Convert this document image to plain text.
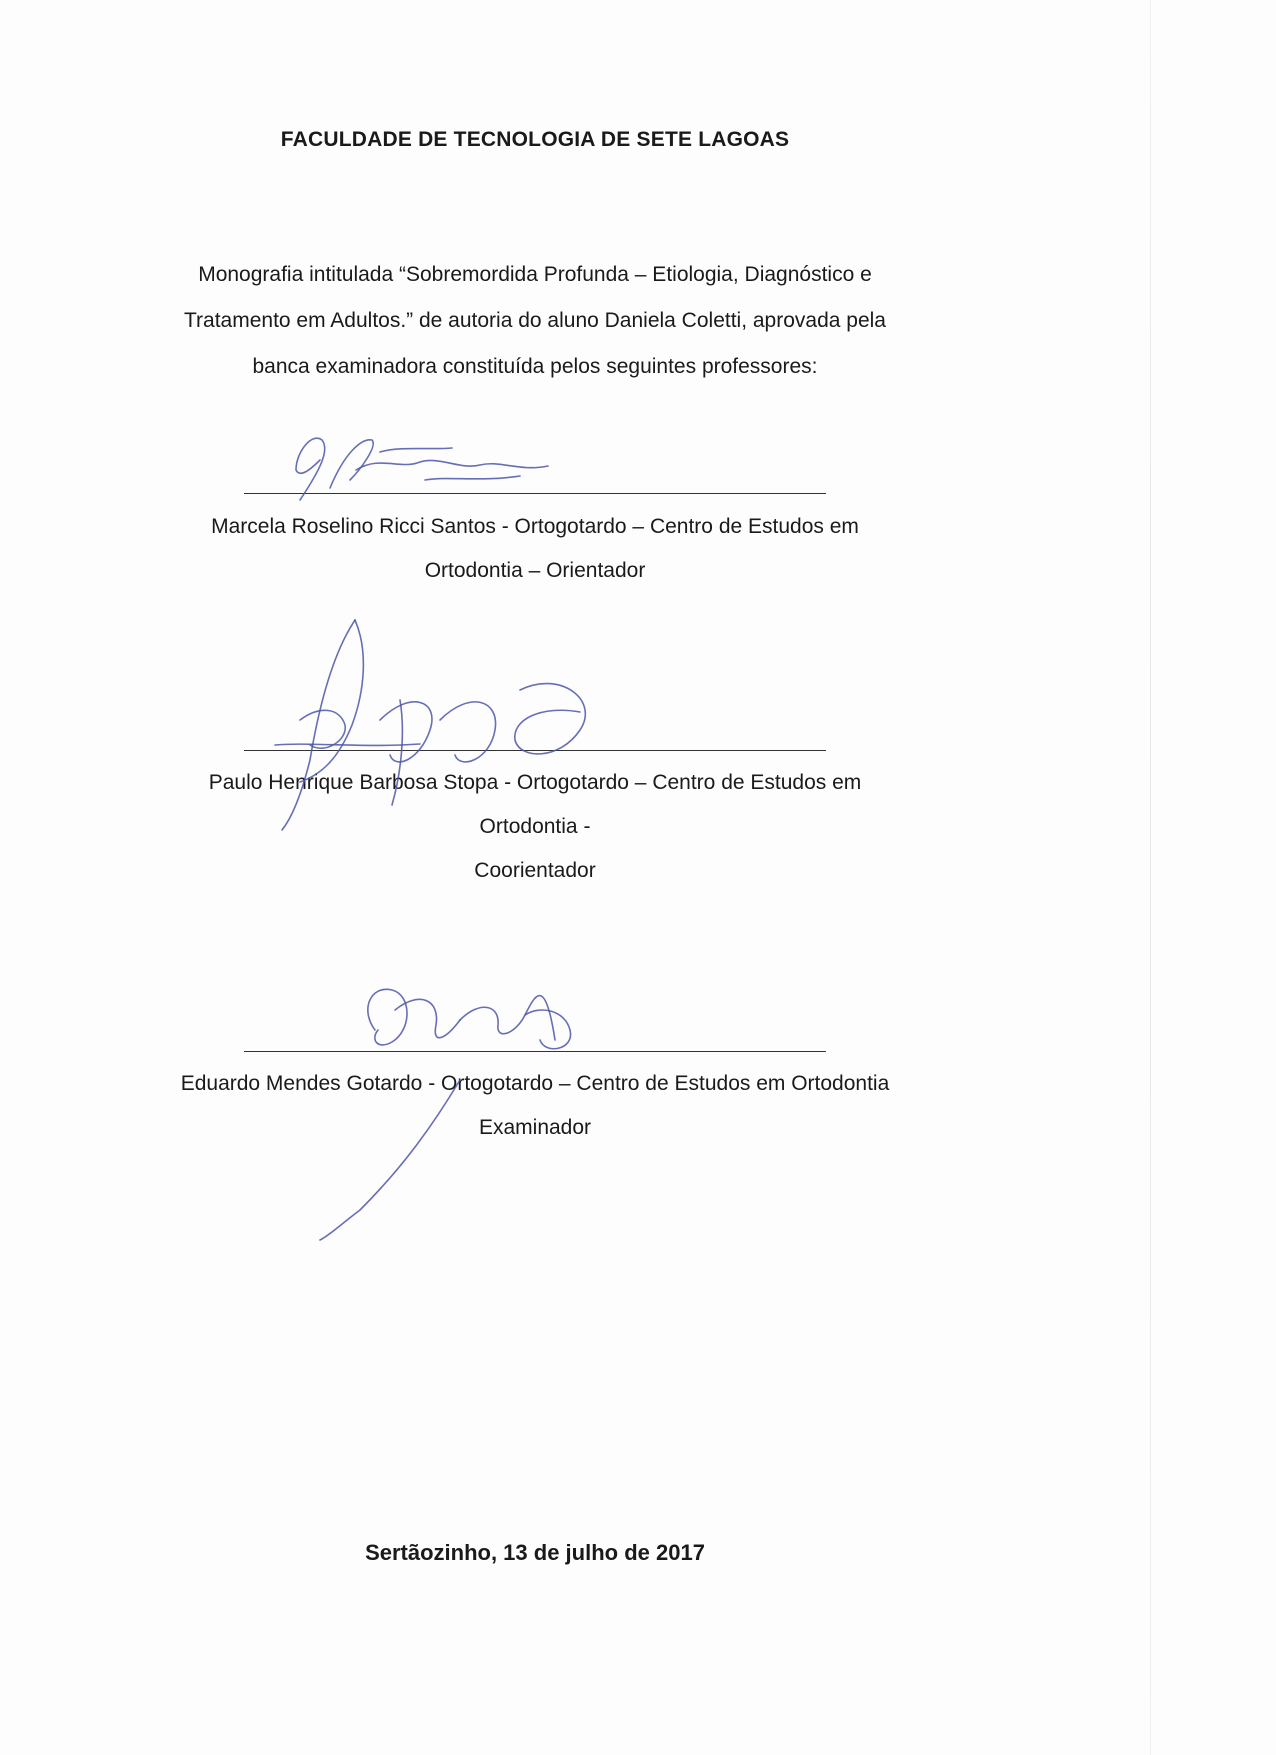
FACULDADE DE TECNOLOGIA DE SETE LAGOAS
Monografia intitulada “Sobremordida Profunda – Etiologia, Diagnóstico e
Tratamento em Adultos.” de autoria do aluno Daniela Coletti, aprovada pela
banca examinadora constituída pelos seguintes professores:
Marcela Roselino Ricci Santos - Ortogotardo – Centro de Estudos em
Ortodontia – Orientador
Paulo Henrique Barbosa Stopa - Ortogotardo – Centro de Estudos em
Ortodontia -
Coorientador
Eduardo Mendes Gotardo - Ortogotardo – Centro de Estudos em Ortodontia
Examinador
Sertãozinho, 13 de julho de 2017
